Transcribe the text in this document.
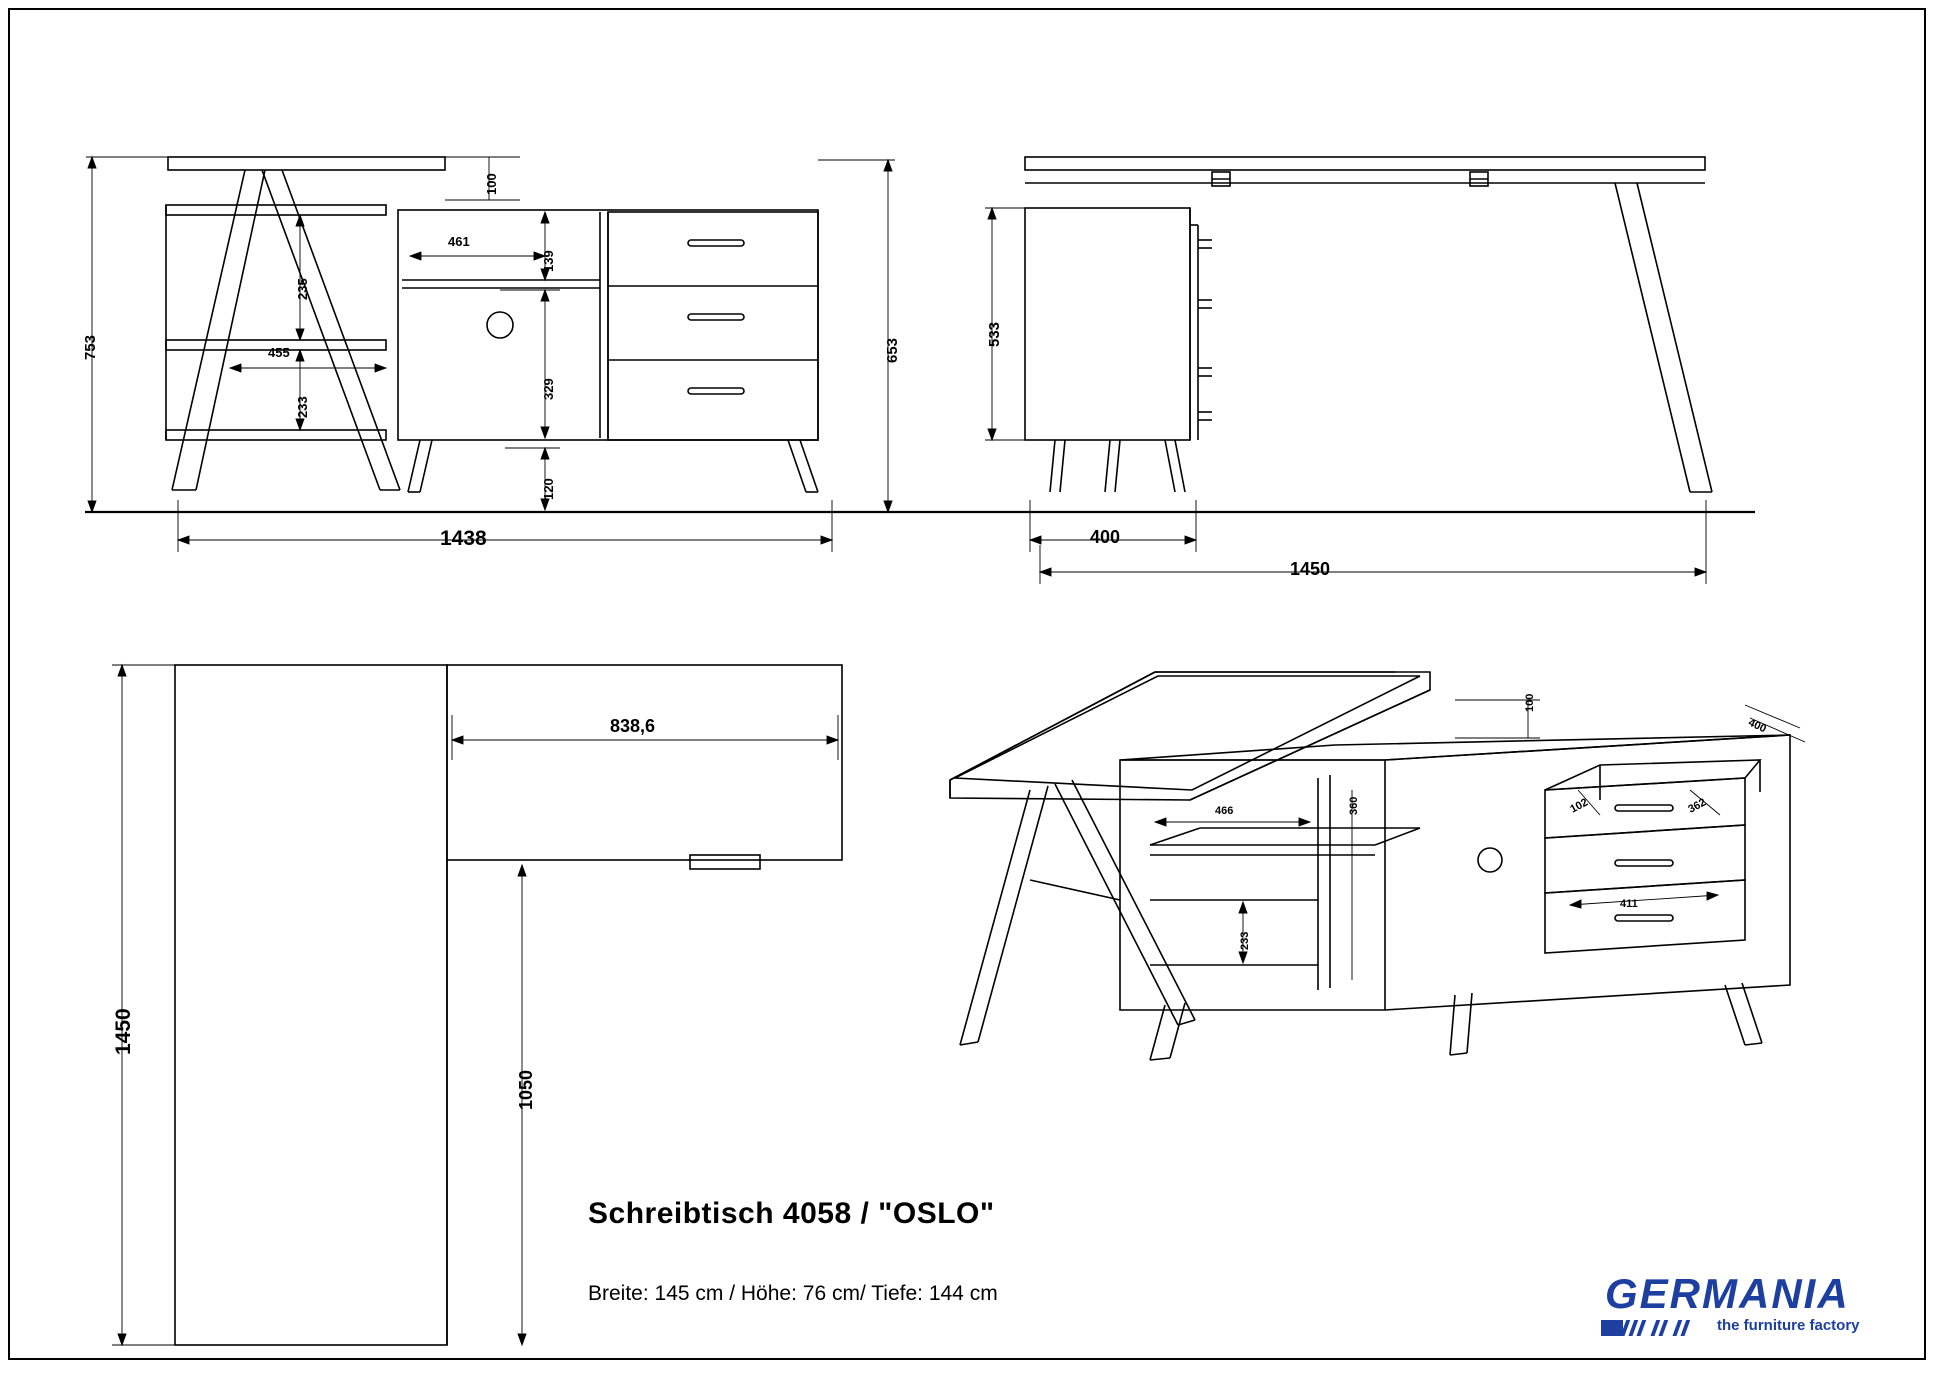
753
100
235
233
455
461
139
329
120
653
1438
533
400
1450
1450
838,6
1050
100
400
466	360
233
102	362
411
Schreibtisch 4058 / "OSLO"
Breite: 145 cm / Höhe: 76 cm/ Tiefe: 144 cm	GERMANIA
the furniture factory
